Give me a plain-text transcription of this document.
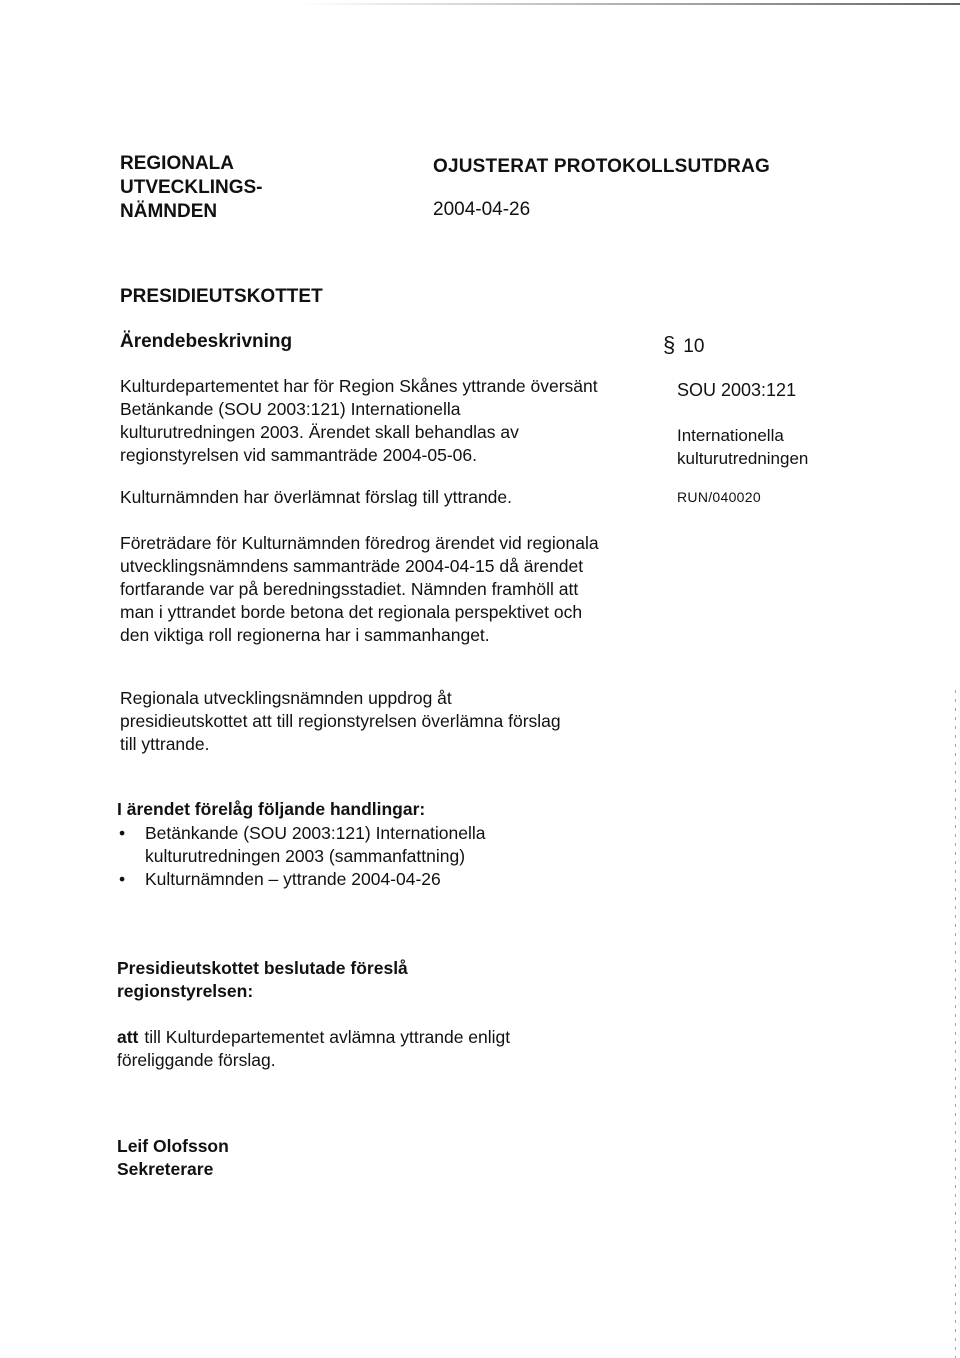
REGIONALA
UTVECKLINGS-
NÄMNDEN
OJUSTERAT PROTOKOLLSUTDRAG
2004-04-26
PRESIDIEUTSKOTTET
Ärendebeskrivning	§ 10
SOU 2003:121
Internationella
kulturutredningen
RUN/040020

Kulturdepartementet har för Region Skånes yttrande översänt Betänkande (SOU 2003:121) Internationella kulturutredningen 2003. Ärendet skall behandlas av regionstyrelsen vid sammanträde 2004-05-06.

Kulturnämnden har överlämnat förslag till yttrande.

Företrädare för Kulturnämnden föredrog ärendet vid regionala utvecklingsnämndens sammanträde 2004-04-15 då ärendet fortfarande var på beredningsstadiet. Nämnden framhöll att man i yttrandet borde betona det regionala perspektivet och den viktiga roll regionerna har i sammanhanget.

Regionala utvecklingsnämnden uppdrog åt presidieutskottet att till regionstyrelsen överlämna förslag till yttrande.

I ärendet förelåg följande handlingar:
• Betänkande (SOU 2003:121) Internationella kulturutredningen 2003 (sammanfattning)
• Kulturnämnden – yttrande 2004-04-26
Presidieutskottet beslutade föreslå regionstyrelsen:
att till Kulturdepartementet avlämna yttrande enligt föreliggande förslag.
Leif Olofsson
Sekreterare
